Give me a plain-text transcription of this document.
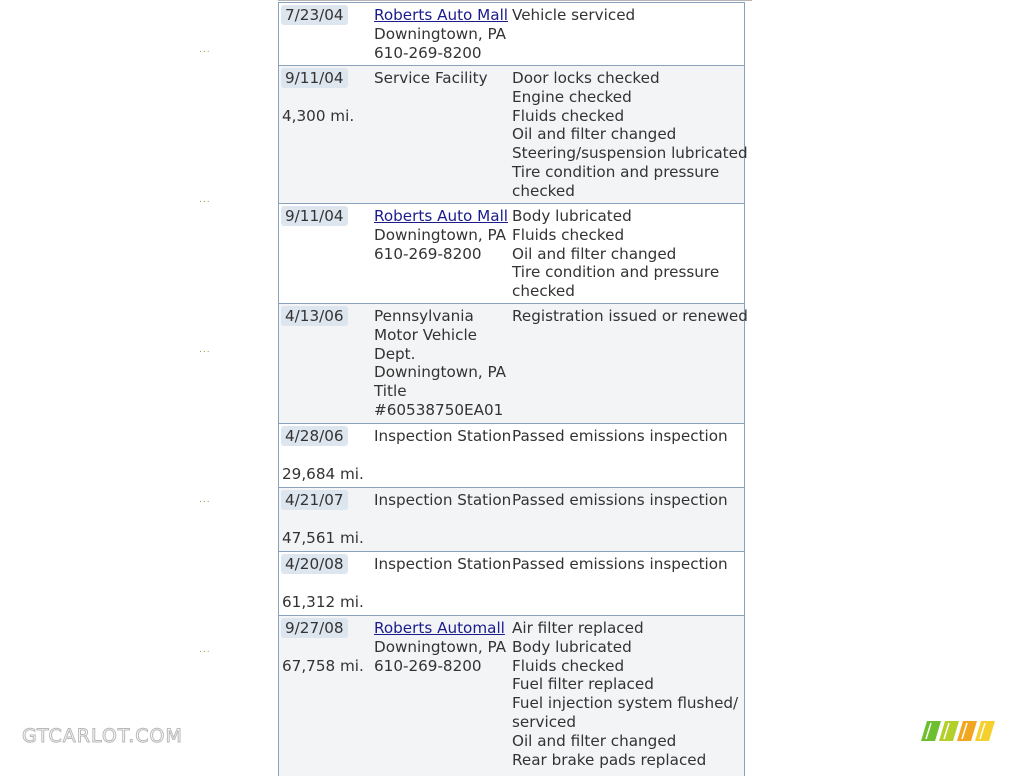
7/23/04 Roberts Auto Mall
Downingtown, PA
610-269-8200
Vehicle serviced
9/11/04
4,300 mi.
Service Facility Door locks checked
Engine checked
Fluids checked
Oil and filter changed
Steering/suspension lubricated
Tire condition and pressure
checked
9/11/04 Roberts Auto Mall
Downingtown, PA
610-269-8200
Body lubricated
Fluids checked
Oil and filter changed
Tire condition and pressure
checked
4/13/06 Pennsylvania
Motor Vehicle
Dept.
Downingtown, PA
Title
#60538750EA01
Registration issued or renewed
4/28/06
29,684 mi.
Inspection Station Passed emissions inspection
4/21/07
47,561 mi.
Inspection Station Passed emissions inspection
4/20/08
61,312 mi.
Inspection Station Passed emissions inspection
9/27/08
67,758 mi.
Roberts Automall
Downingtown, PA
610-269-8200
Air filter replaced
Body lubricated
Fluids checked
Fuel filter replaced
Fuel injection system flushed/
serviced
Oil and filter changed
Rear brake pads replaced
...
...
...
...
...
GTCARLOT.COM
